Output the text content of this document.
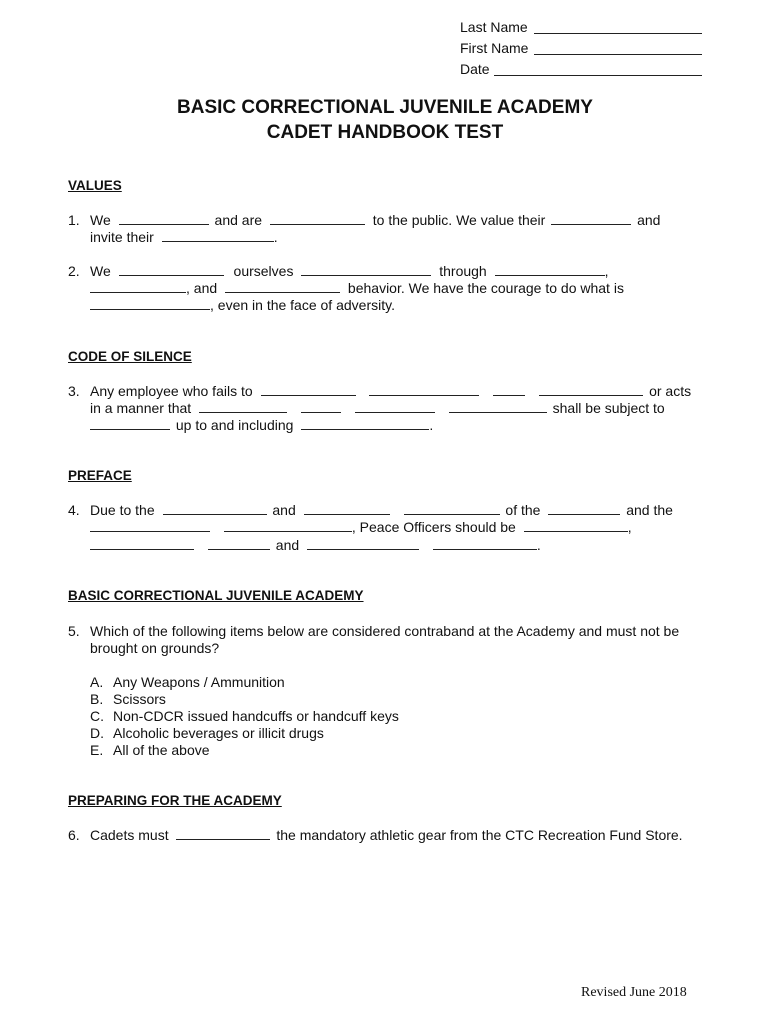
Last Name
First Name
Date
BASIC CORRECTIONAL JUVENILE ACADEMY
CADET HANDBOOK TEST
VALUES
1. We	and are	to the public. We value their	and
invite their	.
2. We	ourselves	through	,
, and	behavior. We have the courage to do what is
, even in the face of adversity.
CODE OF SILENCE
3. Any employee who fails to	or acts
in a manner that	shall be subject to
up to and including	.
PREFACE
4. Due to the	and	of the	and the
, Peace Officers should be	,
and	.
BASIC CORRECTIONAL JUVENILE ACADEMY
5. Which of the following items below are considered contraband at the Academy and must not be
brought on grounds?
A. Any Weapons / Ammunition
B. Scissors
C. Non-CDCR issued handcuffs or handcuff keys
D. Alcoholic beverages or illicit drugs
E. All of the above
PREPARING FOR THE ACADEMY
6. Cadets must	the mandatory athletic gear from the CTC Recreation Fund Store.
Revised June 2018
